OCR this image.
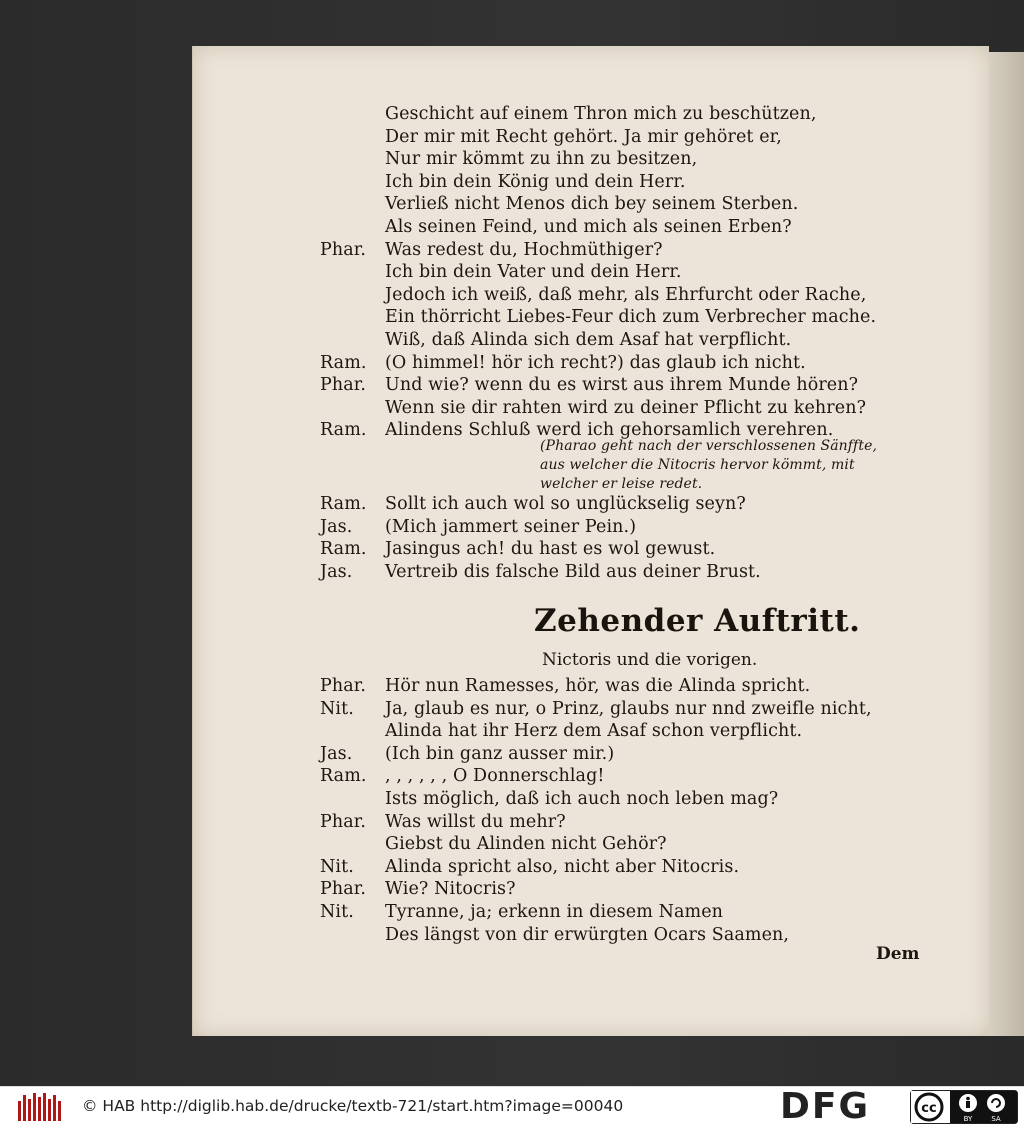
Geschicht auf einem Thron mich zu beschützen,
Der mir mit Recht gehört. Ja mir gehöret er,
Nur mir kömmt zu ihn zu besitzen,
Ich bin dein König und dein Herr.
Verließ nicht Menos dich bey seinem Sterben.
Als seinen Feind, und mich als seinen Erben?
Phar. Was redest du, Hochmüthiger?
Ich bin dein Vater und dein Herr.
Jedoch ich weiß, daß mehr, als Ehrfurcht oder Rache,
Ein thörricht Liebes-Feur dich zum Verbrecher mache.
Wiß, daß Alinda sich dem Asaf hat verpflicht.
Ram. (O himmel! hör ich recht?) das glaub ich nicht.
Phar. Und wie? wenn du es wirst aus ihrem Munde hören?
Wenn sie dir rahten wird zu deiner Pflicht zu kehren?
Ram. Alindens Schluß werd ich gehorsamlich verehren.
Ram. Sollt ich auch wol so unglückselig seyn?
Jas. (Mich jammert seiner Pein.)
Ram. Jasingus ach! du hast es wol gewust.
Jas. Vertreib dis falsche Bild aus deiner Brust.
Phar. Hör nun Ramesses, hör, was die Alinda spricht.
Nit. Ja, glaub es nur, o Prinz, glaubs nur nnd zweifle nicht,
Alinda hat ihr Herz dem Asaf schon verpflicht.
Jas. (Ich bin ganz ausser mir.)
Ram. , , , , , , O Donnerschlag!
Ists möglich, daß ich auch noch leben mag?
Phar. Was willst du mehr?
Giebst du Alinden nicht Gehör?
Nit. Alinda spricht also, nicht aber Nitocris.
Phar. Wie? Nitocris?
Nit. Tyranne, ja; erkenn in diesem Namen
Des längst von dir erwürgten Ocars Saamen,
(Pharao geht nach der verschlossenen Sänffte,
aus welcher die Nitocris hervor kömmt, mit
welcher er leise redet.
Zehender Auftritt.
Nictoris und die vorigen.
Dem
© HAB http://diglib.hab.de/drucke/textb-721/start.htm?image=00040	DFG	cc
BY	SA
